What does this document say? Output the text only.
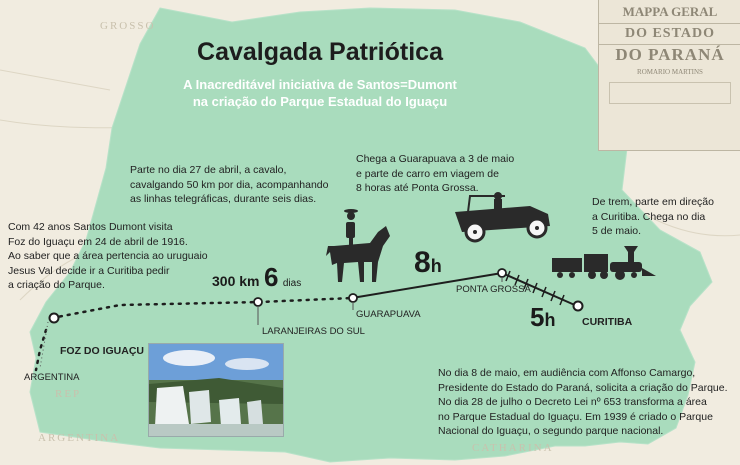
GROSSO
REP
ARGENTINA
CATHARINA
MAPPA GERAL
DO ESTADO
DO PARANÁ
ROMARIO MARTINS

Cavalgada Patriótica

A Inacreditável iniciativa de Santos=Dumont
na criação do Parque Estadual do Iguaçu

Com 42 anos Santos Dumont visita
Foz do Iguaçu em 24 de abril de 1916.
Ao saber que a área pertencia ao uruguaio
Jesus Val decide ir a Curitiba pedir
a criação do Parque.
Parte no dia 27 de abril, a cavalo,
cavalgando 50 km por dia, acompanhando
as linhas telegráficas, durante seis dias.
Chega a Guarapuava a 3 de maio
e parte de carro em viagem de
8 horas até Ponta Grossa.
De trem, parte em direção
a Curitiba. Chega no dia
5 de maio.
No dia 8 de maio, em audiência com Affonso Camargo,
Presidente do Estado do Paraná, solicita a criação do Parque.
No dia 28 de julho o Decreto Lei nº 653 transforma a área
no Parque Estadual do Iguaçu. Em 1939 é criado o Parque
Nacional do Iguaçu, o segundo parque nacional.
300 km 6 dias
8h
5h
ARGENTINA
FOZ DO IGUAÇU
LARANJEIRAS DO SUL
GUARAPUAVA
PONTA GROSSA
CURITIBA
